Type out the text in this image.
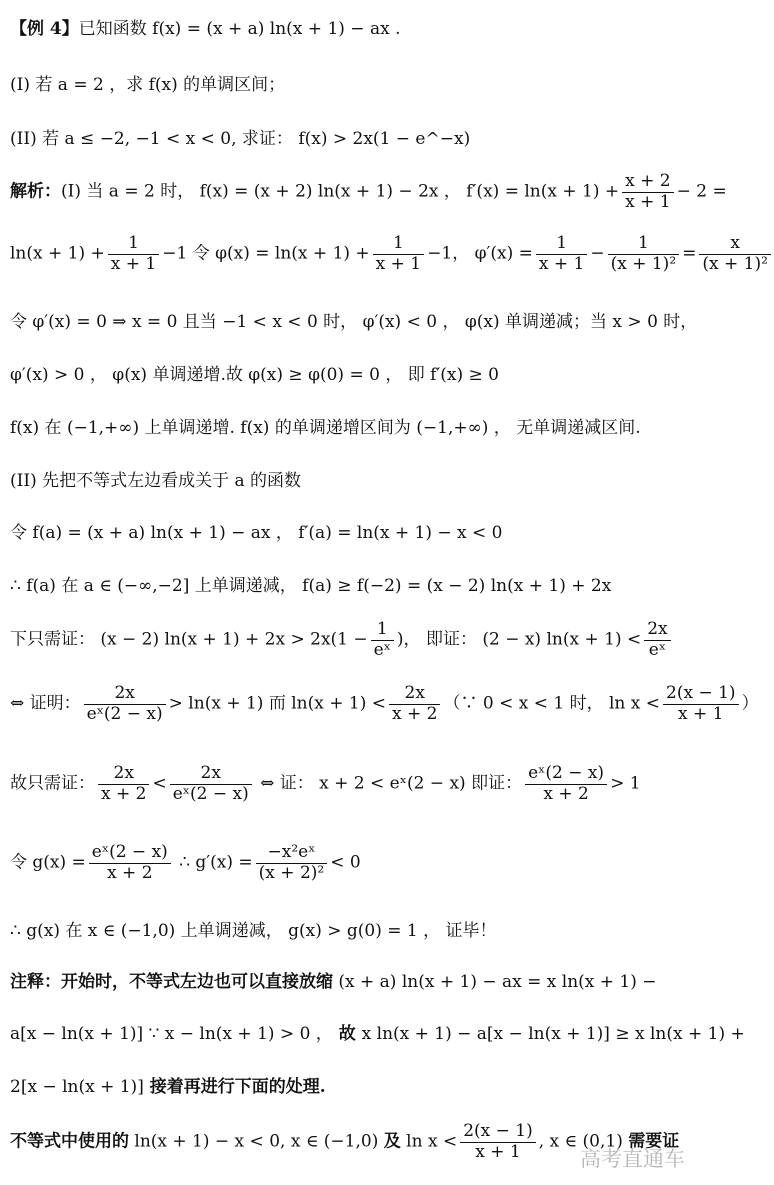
【例 4】已知函数 f(x) = (x + a) ln(x + 1) − ax .
(I) 若 a = 2 ，求 f(x) 的单调区间；
(II) 若 a ≤ −2, −1 < x < 0, 求证： f(x) > 2x(1 − e^−x)
解析：(I) 当 a = 2 时， f(x) = (x + 2) ln(x + 1) − 2x ， $f'(x) = \ln(x + 1) + \frac{x + 2}{x + 1} - 2$ =
$\ln(x + 1) + \frac{1}{x + 1} -1$ 令 $\varphi(x) = \ln(x + 1) + \frac{1}{x + 1} -1$， $\varphi'(x) = \frac{1}{x + 1} - \frac{1}{\text{(x + 1)²}} = \frac{x}{\text{(x + 1)²}}$
令 φ′(x) = 0 ⇒ x = 0 且当 −1 < x < 0 时， φ′(x) < 0 ， φ(x) 单调递减；当 x > 0 时，
φ′(x) > 0 ， φ(x) 单调递增.故 φ(x) ≥ φ(0) = 0 ， 即 f′(x) ≥ 0
f(x) 在 (−1,+∞) 上单调递增. f(x) 的单调递增区间为 (−1,+∞) ， 无单调递减区间.
(II) 先把不等式左边看成关于 a 的函数
令 f(a) = (x + a) ln(x + 1) − ax ， f′(a) = ln(x + 1) − x < 0
∴ f(a) 在 a ∈ (−∞,−2] 上单调递减， f(a) ≥ f(−2) = (x − 2) ln(x + 1) + 2x
下只需证： (x − 2) $\ln(x + 1) + 2x > 2x(1 - \frac{1}{\text{eˣ}}$ )， 即证： (2 − x) $\ln(x + 1) < \frac{2x}{\text{eˣ}}$
⇔ 证明： $\frac{2x}{\text{eˣ(2 − x)}} > \ln(x + 1)$ 而 $\ln(x + 1) < \frac{2x}{x + 2}$ （∵ 0 < x < 1 时， $\ln x < \frac{2(x - 1)}{x + 1}$ ）
故只需证： $\frac{2x}{x + 2} < \frac{2x}{\text{eˣ(2 − x)}}$ ⇔ 证： x + 2 < eˣ(2 − x) 即证： $\frac{\text{eˣ(2 − x)}}{x + 2} > 1$
令 $g(x) = \frac{\text{eˣ(2 − x)}}{x + 2}$ ∴ $g'(x) = \frac{\text{−x²eˣ}}{\text{(x + 2)²}} < 0$
∴ g(x) 在 x ∈ (−1,0) 上单调递减， g(x) > g(0) = 1 ， 证毕！
注释：开始时，不等式左边也可以直接放缩 (x + a) ln(x + 1) − ax = x ln(x + 1) −
a[x − ln(x + 1)] ∵ x − ln(x + 1) > 0 ， 故 x ln(x + 1) − a[x − ln(x + 1)] ≥ x ln(x + 1) +
2[x − ln(x + 1)] 接着再进行下面的处理.
不等式中使用的 ln(x + 1) − x < 0, x ∈ (−1,0) 及 $\ln x < \frac{2(x - 1)}{x + 1}$ , x ∈ (0,1) 需要证
高考直通车
